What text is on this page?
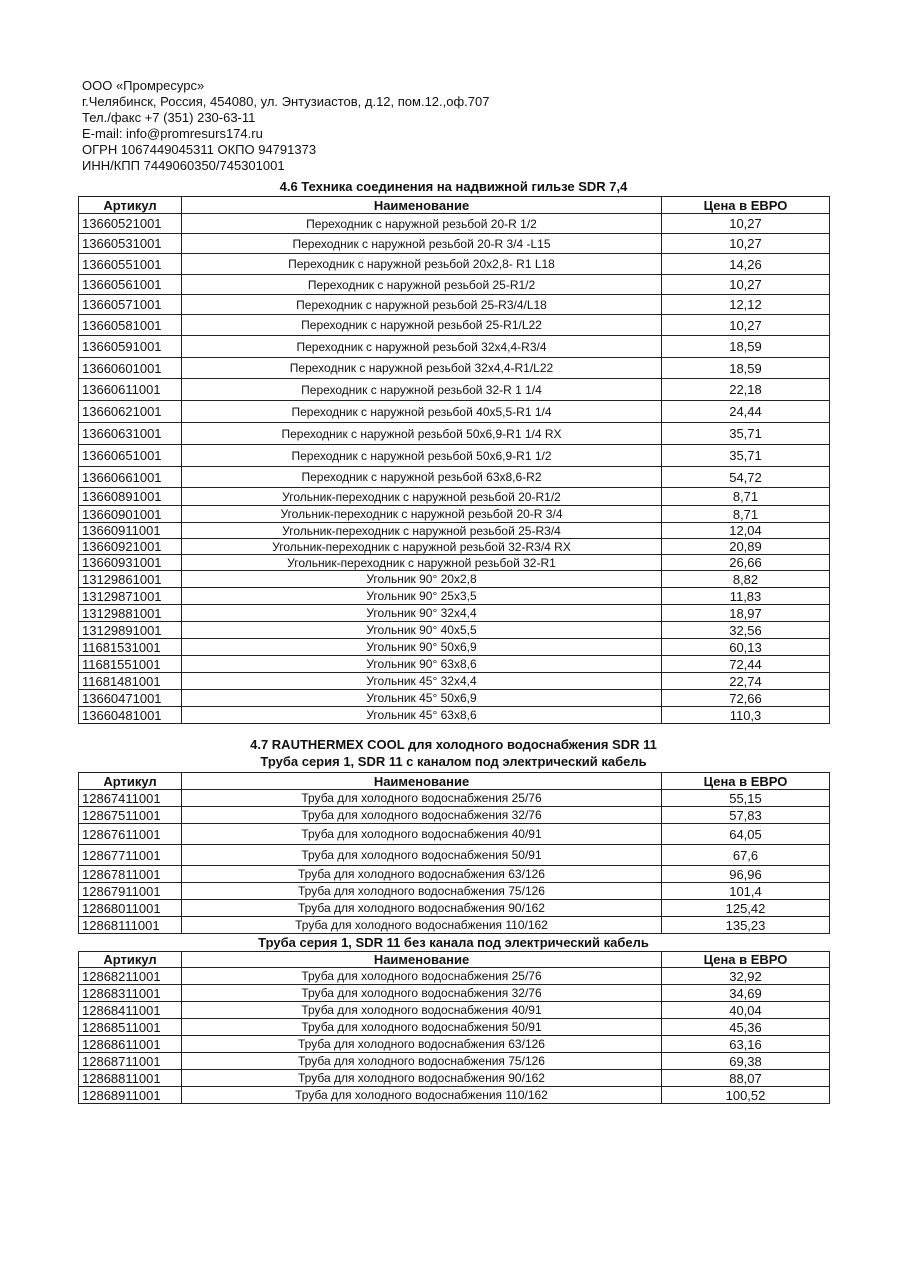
ООО «Промресурс»
г.Челябинск, Россия, 454080, ул. Энтузиастов, д.12, пом.12.,оф.707
Тел./факс +7 (351) 230-63-11
E-mail: info@promresurs174.ru
ОГРН 1067449045311 ОКПО 94791373
ИНН/КПП 7449060350/745301001
4.6 Техника соединения на надвижной гильзе SDR 7,4
Артикул	Наименование	Цена в ЕВРО
13660521001	Переходник с наружной резьбой 20-R 1/2	10,27
13660531001	Переходник с наружной резьбой 20-R 3/4 -L15	10,27
13660551001	Переходник с наружной резьбой 20x2,8- R1 L18	14,26
13660561001	Переходник с наружной резьбой 25-R1/2	10,27
13660571001	Переходник с наружной резьбой 25-R3/4/L18	12,12
13660581001	Переходник с наружной резьбой 25-R1/L22	10,27
13660591001	Переходник с наружной резьбой 32x4,4-R3/4	18,59
13660601001	Переходник с наружной резьбой 32x4,4-R1/L22	18,59
13660611001	Переходник с наружной резьбой 32-R 1 1/4	22,18
13660621001	Переходник с наружной резьбой 40x5,5-R1 1/4	24,44
13660631001	Переходник с наружной резьбой 50x6,9-R1 1/4 RX	35,71
13660651001	Переходник с наружной резьбой 50x6,9-R1 1/2	35,71
13660661001	Переходник с наружной резьбой 63x8,6-R2	54,72
13660891001	Угольник-переходник с наружной резьбой 20-R1/2	8,71
13660901001	Угольник-переходник с наружной резьбой 20-R 3/4	8,71
13660911001	Угольник-переходник с наружной резьбой 25-R3/4	12,04
13660921001	Угольник-переходник с наружной резьбой 32-R3/4 RX	20,89
13660931001	Угольник-переходник с наружной резьбой 32-R1	26,66
13129861001	Угольник 90° 20x2,8	8,82
13129871001	Угольник 90° 25x3,5	11,83
13129881001	Угольник 90° 32x4,4	18,97
13129891001	Угольник 90° 40x5,5	32,56
11681531001	Угольник 90° 50x6,9	60,13
11681551001	Угольник 90° 63x8,6	72,44
11681481001	Угольник 45° 32x4,4	22,74
13660471001	Угольник 45° 50x6,9	72,66
13660481001	Угольник 45° 63x8,6	110,3
4.7 RAUTHERMEX COOL для холодного водоснабжения SDR 11
Труба серия 1, SDR 11 с каналом под электрический кабель
Артикул	Наименование	Цена в ЕВРО
12867411001	Труба для холодного водоснабжения 25/76	55,15
12867511001	Труба для холодного водоснабжения 32/76	57,83
12867611001	Труба для холодного водоснабжения 40/91	64,05
12867711001	Труба для холодного водоснабжения 50/91	67,6
12867811001	Труба для холодного водоснабжения 63/126	96,96
12867911001	Труба для холодного водоснабжения 75/126	101,4
12868011001	Труба для холодного водоснабжения 90/162	125,42
12868111001	Труба для холодного водоснабжения 110/162	135,23
Труба серия 1, SDR 11 без канала под электрический кабель
Артикул	Наименование	Цена в ЕВРО
12868211001	Труба для холодного водоснабжения 25/76	32,92
12868311001	Труба для холодного водоснабжения 32/76	34,69
12868411001	Труба для холодного водоснабжения 40/91	40,04
12868511001	Труба для холодного водоснабжения 50/91	45,36
12868611001	Труба для холодного водоснабжения 63/126	63,16
12868711001	Труба для холодного водоснабжения 75/126	69,38
12868811001	Труба для холодного водоснабжения 90/162	88,07
12868911001	Труба для холодного водоснабжения 110/162	100,52
